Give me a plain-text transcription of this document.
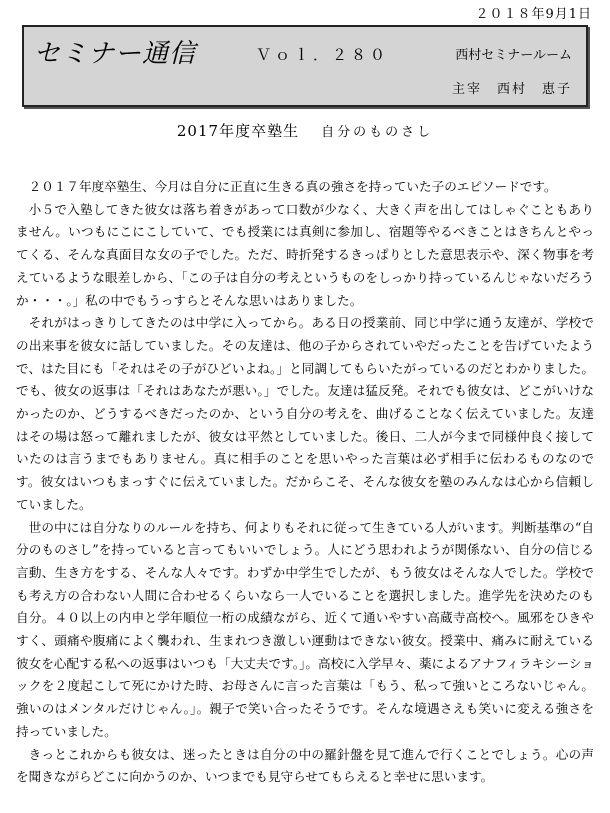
２０１８年9月1日
セミナー通信	Ｖｏｌ．２８０	西村セミナールーム
主宰　西村　恵子
2017年度卒塾生 自分のものさし

２０１７年度卒塾生、今月は自分に正直に生きる真の強さを持っていた子のエピソードです。

小５で入塾してきた彼女は落ち着きがあって口数が少なく、大きく声を出してはしゃぐこともありません。いつもにこにこしていて、でも授業には真剣に参加し、宿題等やるべきことはきちんとやってくる、そんな真面目な女の子でした。ただ、時折発するきっぱりとした意思表示や、深く物事を考えているような眼差しから、「この子は自分の考えというものをしっかり持っているんじゃないだろうか・・・。」私の中でもうっすらとそんな思いはありました。

それがはっきりしてきたのは中学に入ってから。ある日の授業前、同じ中学に通う友達が、学校での出来事を彼女に話していました。その友達は、他の子からされていやだったことを告げていたようで、はた目にも「それはその子がひどいよね。」と同調してもらいたがっているのだとわかりました。でも、彼女の返事は「それはあなたが悪い。」でした。友達は猛反発。それでも彼女は、どこがいけなかったのか、どうするべきだったのか、という自分の考えを、曲げることなく伝えていました。友達はその場は怒って離れましたが、彼女は平然としていました。後日、二人が今まで同様仲良く接していたのは言うまでもありません。真に相手のことを思いやった言葉は必ず相手に伝わるものなのです。彼女はいつもまっすぐに伝えていました。だからこそ、そんな彼女を塾のみんなは心から信頼していました。

世の中には自分なりのルールを持ち、何よりもそれに従って生きている人がいます。判断基準の“自分のものさし”を持っていると言ってもいいでしょう。人にどう思われようが関係ない、自分の信じる言動、生き方をする、そんな人々です。わずか中学生でしたが、もう彼女はそんな人でした。学校でも考え方の合わない人間に合わせるくらいなら一人でいることを選択しました。進学先を決めたのも自分。４０以上の内申と学年順位一桁の成績ながら、近くて通いやすい高蔵寺高校へ。風邪をひきやすく、頭痛や腹痛によく襲われ、生まれつき激しい運動はできない彼女。授業中、痛みに耐えている彼女を心配する私への返事はいつも「大丈夫です。」。高校に入学早々、薬によるアナフィラキシーショックを２度起こして死にかけた時、お母さんに言った言葉は「もう、私って強いところないじゃん。強いのはメンタルだけじゃん。」。親子で笑い合ったそうです。そんな境遇さえも笑いに変える強さを持っていました。

きっとこれからも彼女は、迷ったときは自分の中の羅針盤を見て進んで行くことでしょう。心の声を聞きながらどこに向かうのか、いつまでも見守らせてもらえると幸せに思います。
